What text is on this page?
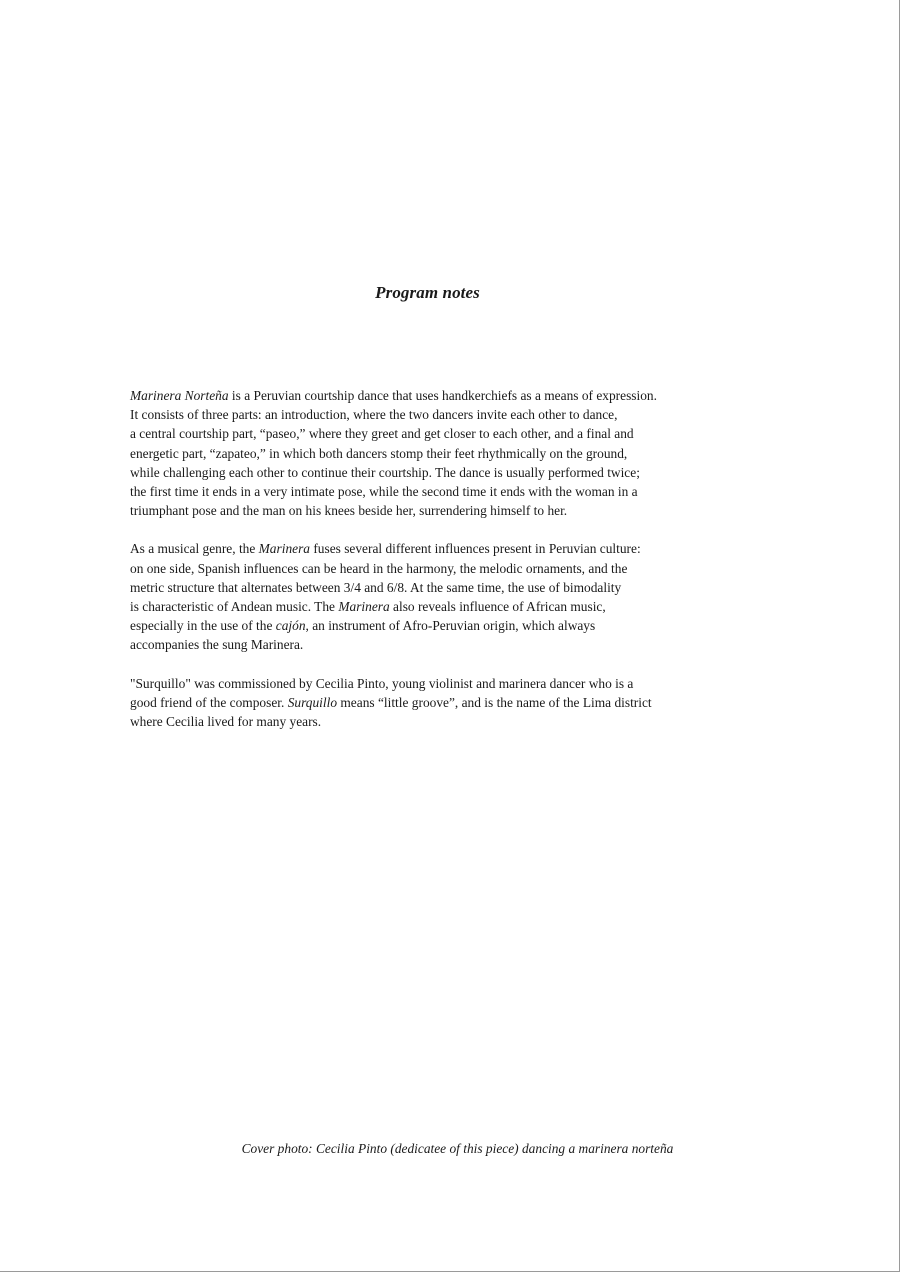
Program notes

Marinera Norteña is a Peruvian courtship dance that uses handkerchiefs as a means of expression.
It consists of three parts: an introduction, where the two dancers invite each other to dance,
a central courtship part, “paseo,” where they greet and get closer to each other, and a final and
energetic part, “zapateo,” in which both dancers stomp their feet rhythmically on the ground,
while challenging each other to continue their courtship. The dance is usually performed twice;
the first time it ends in a very intimate pose, while the second time it ends with the woman in a
triumphant pose and the man on his knees beside her, surrendering himself to her.

As a musical genre, the Marinera fuses several different influences present in Peruvian culture:
on one side, Spanish influences can be heard in the harmony, the melodic ornaments, and the
metric structure that alternates between 3/4 and 6/8. At the same time, the use of bimodality
is characteristic of Andean music. The Marinera also reveals influence of African music,
especially in the use of the cajón, an instrument of Afro-Peruvian origin, which always
accompanies the sung Marinera.

"Surquillo" was commissioned by Cecilia Pinto, young violinist and marinera dancer who is a
good friend of the composer. Surquillo means “little groove”, and is the name of the Lima district
where Cecilia lived for many years.

Cover photo: Cecilia Pinto (dedicatee of this piece) dancing a marinera norteña
